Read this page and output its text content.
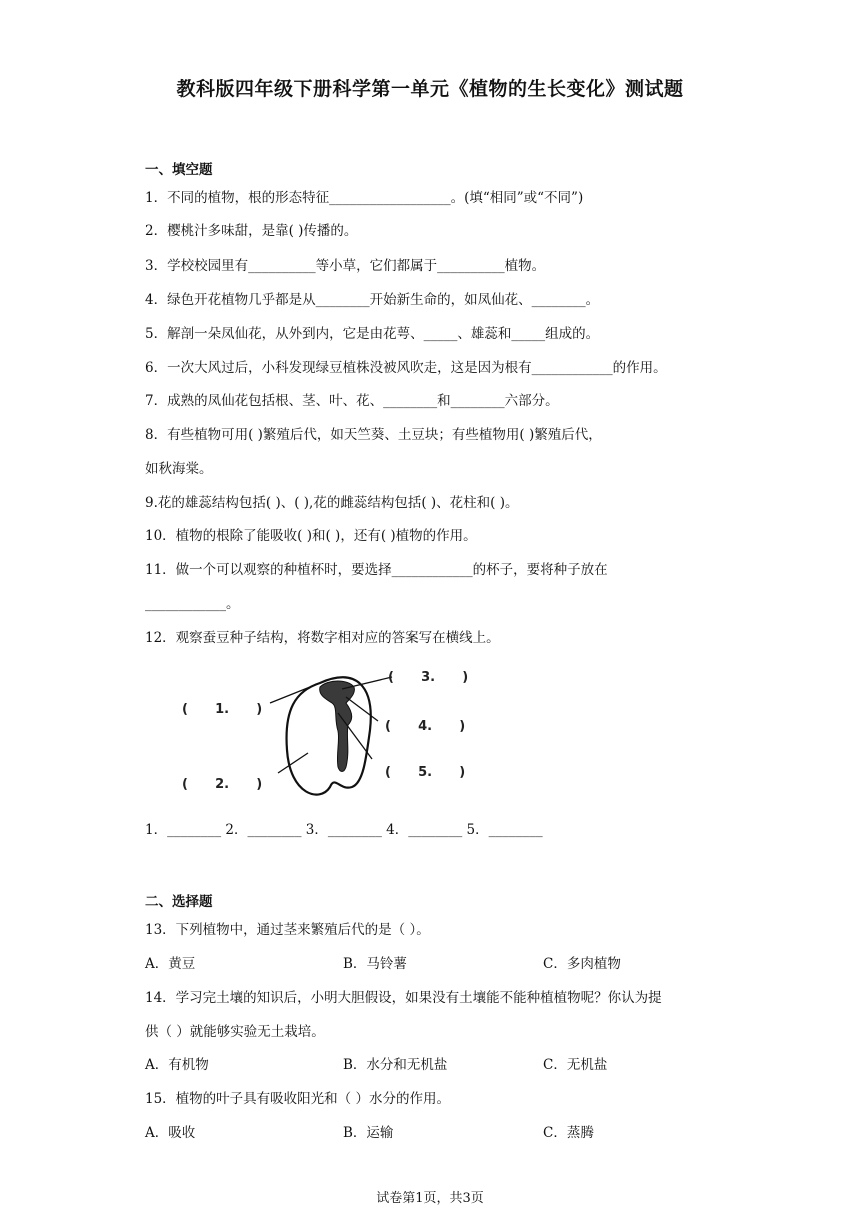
教科版四年级下册科学第一单元《植物的生长变化》测试题
一、填空题
1．不同的植物，根的形态特征__________________。(填“相同”或“不同”)
2．樱桃汁多味甜，是靠( )传播的。
3．学校校园里有__________等小草，它们都属于__________植物。
4．绿色开花植物几乎都是从________开始新生命的，如凤仙花、________。
5．解剖一朵凤仙花，从外到内，它是由花萼、_____、雄蕊和_____组成的。
6．一次大风过后，小科发现绿豆植株没被风吹走，这是因为根有____________的作用。
7．成熟的凤仙花包括根、茎、叶、花、________和________六部分。
8．有些植物可用( )繁殖后代，如天竺葵、土豆块；有些植物用( )繁殖后代，
如秋海棠。
9.花的雄蕊结构包括( )、( ),花的雌蕊结构包括( )、花柱和( )。
10．植物的根除了能吸收( )和( )，还有( )植物的作用。
11．做一个可以观察的种植杯时，要选择____________的杯子，要将种子放在
____________。
12．观察蚕豆种子结构，将数字相对应的答案写在横线上。
(      1.      )
(      2.      )
(      3.      )
(      4.      )
(      5.      )
1．________ 2．________ 3．________ 4．________ 5．________
二、选择题
13．下列植物中，通过茎来繁殖后代的是（ ）。
A．黄豆	B．马铃薯	C．多肉植物
14．学习完土壤的知识后，小明大胆假设，如果没有土壤能不能种植植物呢？你认为提
供（ ）就能够实验无土栽培。
A．有机物	B．水分和无机盐	C．无机盐
15．植物的叶子具有吸收阳光和（ ）水分的作用。
A．吸收	B．运输	C．蒸腾
试卷第1页，共3页
